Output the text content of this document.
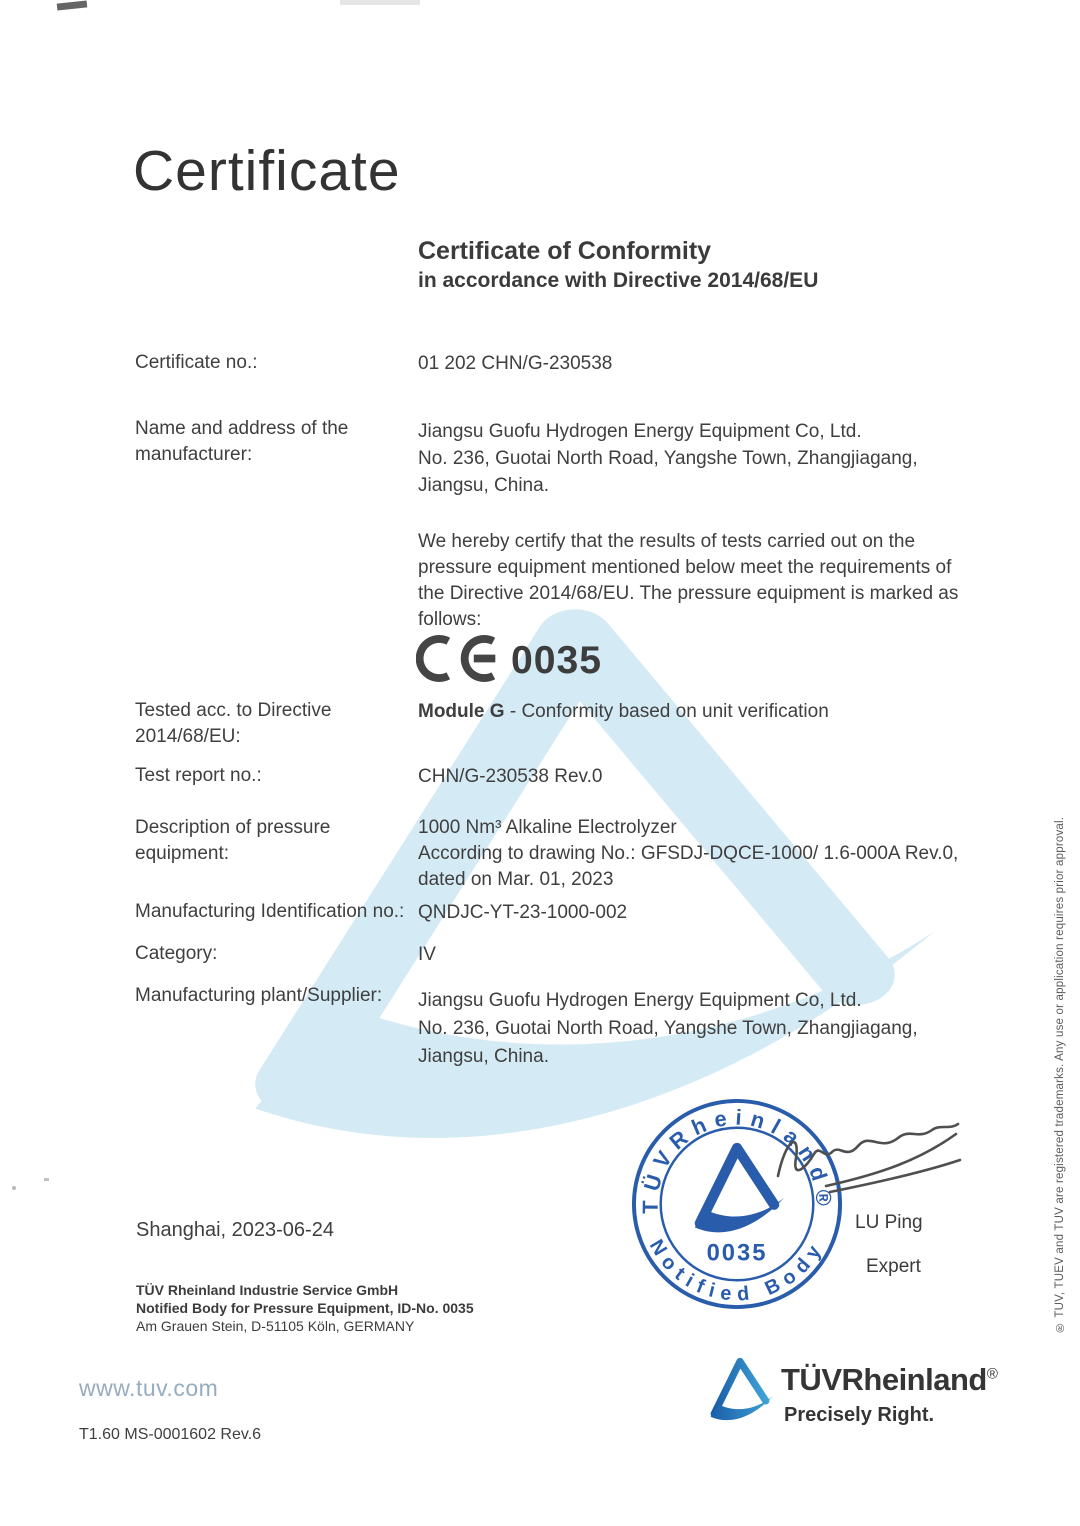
Certificate
Certificate of Conformity
in accordance with Directive 2014/68/EU
Certificate no.:	01 202 CHN/G-230538
Name and address of the
manufacturer:
Jiangsu Guofu Hydrogen Energy Equipment Co, Ltd.
No. 236, Guotai North Road, Yangshe Town, Zhangjiagang,
Jiangsu, China.
We hereby certify that the results of tests carried out on the
pressure equipment mentioned below meet the requirements of
the Directive 2014/68/EU. The pressure equipment is marked as
follows:
0035
Tested acc. to Directive
2014/68/EU:
Module G - Conformity based on unit verification
Test report no.:	CHN/G-230538 Rev.0
Description of pressure
equipment:
1000 Nm³ Alkaline Electrolyzer
According to drawing No.: GFSDJ-DQCE-1000/ 1.6-000A Rev.0,
dated on Mar. 01, 2023
Manufacturing Identification no.: QNDJC-YT-23-1000-002
Category:	IV
Manufacturing plant/Supplier:	Jiangsu Guofu Hydrogen Energy Equipment Co, Ltd.
No. 236, Guotai North Road, Yangshe Town, Zhangjiagang,
Jiangsu, China.
TÜVRheinland®
Notified Body
0035
LU Ping
Expert
Shanghai, 2023-06-24
TÜV Rheinland Industrie Service GmbH
Notified Body for Pressure Equipment, ID-No. 0035
Am Grauen Stein, D-51105 Köln, GERMANY
www.tuv.com
T1.60 MS-0001602 Rev.6
TÜVRheinland®
Precisely Right.
® TÜV, TUEV and TUV are registered trademarks. Any use or application requires prior approval.
